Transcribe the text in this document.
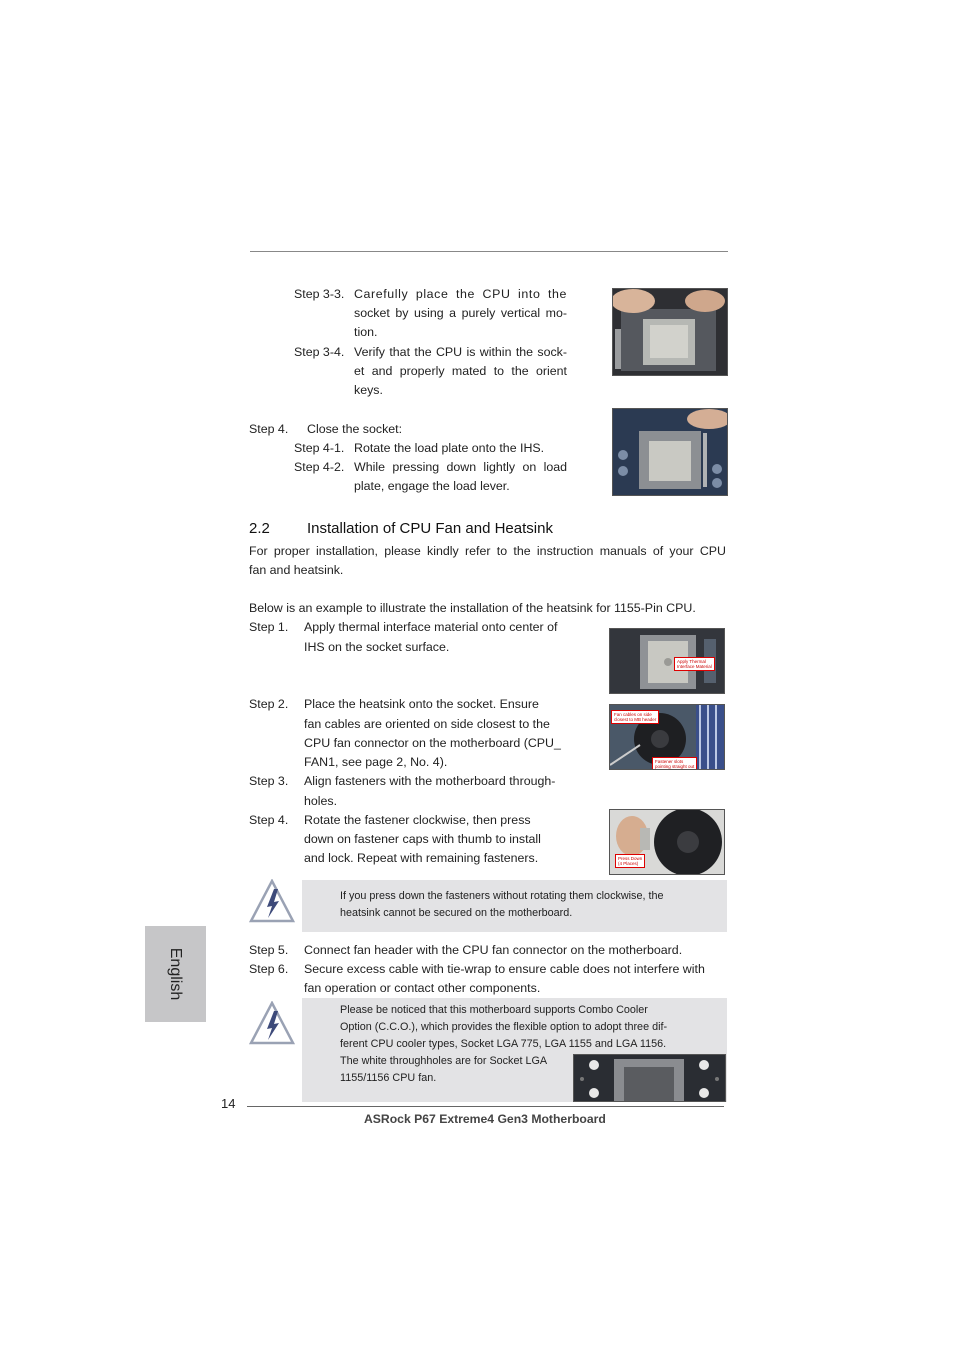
Step 3-3. Carefully place the CPU into the
socket by using a purely vertical mo-
tion.
Step 3-4. Verify that the CPU is within the sock-
et and properly mated to the orient
keys.
Step 4. Close the socket:
Step 4-1. Rotate the load plate onto the IHS.
Step 4-2. While pressing down lightly on load
plate, engage the load lever.
2.2 Installation of CPU Fan and Heatsink
For proper installation, please kindly refer to the instruction manuals of your CPU
fan and heatsink.
Below is an example to illustrate the installation of the heatsink for 1155-Pin CPU.
Step 1. Apply thermal interface material onto center of
IHS on the socket surface.
Apply Thermal
Interface Material
Step 2. Place the heatsink onto the socket. Ensure
fan cables are oriented on side closest to the
CPU fan connector on the motherboard (CPU_
FAN1, see page 2, No. 4).
Fan cables on side
closest to MB header
Fastener slots
pointing straight out
Step 3. Align fasteners with the motherboard through-
holes.
Step 4. Rotate the fastener clockwise, then press
down on fastener caps with thumb to install
and lock. Repeat with remaining fasteners.	Press Down
(4 Places)
If you press down the fasteners without rotating them clockwise, the
heatsink cannot be secured on the motherboard.
Step 5. Connect fan header with the CPU fan connector on the motherboard.
Step 6. Secure excess cable with tie-wrap to ensure cable does not interfere with
fan operation or contact other components.
Please be noticed that this motherboard supports Combo Cooler
Option (C.C.O.), which provides the flexible option to adopt three dif-
ferent CPU cooler types, Socket LGA 775, LGA 1155 and LGA 1156.
The white throughholes are for Socket LGA
1155/1156 CPU fan.
English
14
ASRock P67 Extreme4 Gen3 Motherboard
